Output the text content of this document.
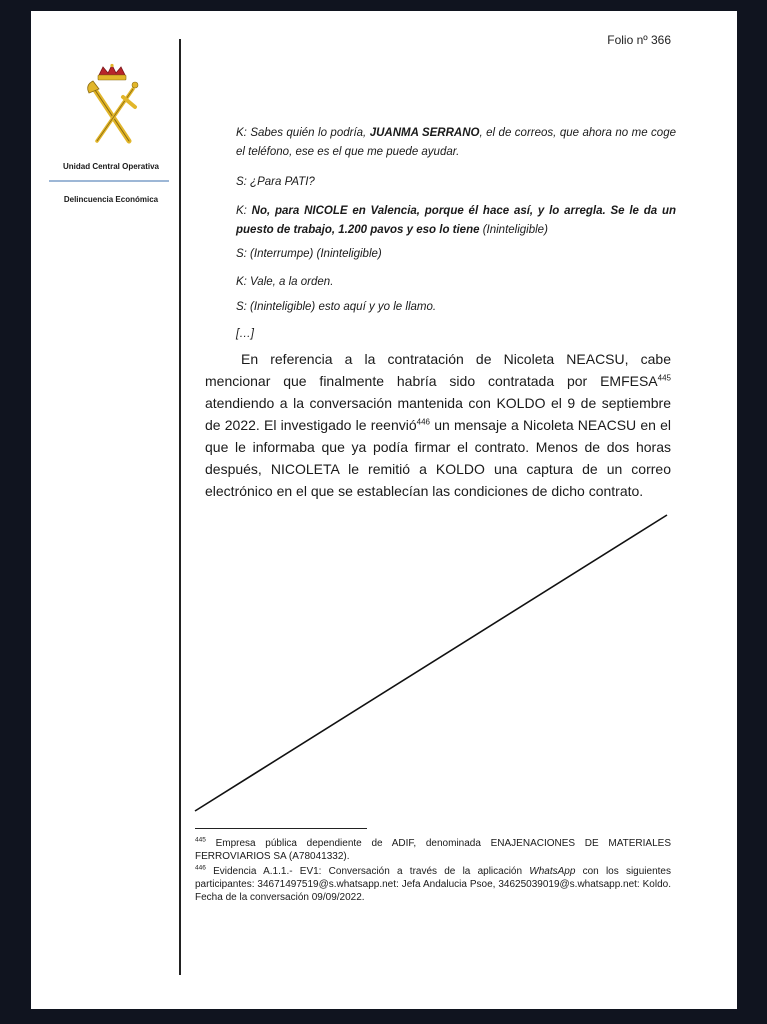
Folio nº 366
Unidad Central Operativa
Delincuencia Económica
K: Sabes quién lo podría, JUANMA SERRANO, el de correos, que ahora no me coge el teléfono, ese es el que me puede ayudar.
S: ¿Para PATI?
K: No, para NICOLE en Valencia, porque él hace así, y lo arregla. Se le da un puesto de trabajo, 1.200 pavos y eso lo tiene (Ininteligible)
S: (Interrumpe) (Ininteligible)
K: Vale, a la orden.
S: (Ininteligible) esto aquí y yo le llamo.
[…]

En referencia a la contratación de Nicoleta NEACSU, cabe mencionar que finalmente habría sido contratada por EMFESA$^{445}$ atendiendo a la conversación mantenida con KOLDO el 9 de septiembre de 2022. El investigado le reenvió$^{446}$ un mensaje a Nicoleta NEACSU en el que le informaba que ya podía firmar el contrato. Menos de dos horas después, NICOLETA le remitió a KOLDO una captura de un correo electrónico en el que se establecían las condiciones de dicho contrato.

$^{445}$ Empresa pública dependiente de ADIF, denominada ENAJENACIONES DE MATERIALES FERROVIARIOS SA (A78041332).

$^{446}$ Evidencia A.1.1.- EV1: Conversación a través de la aplicación WhatsApp con los siguientes participantes: 34671497519@s.whatsapp.net: Jefa Andalucia Psoe, 34625039019@s.whatsapp.net: Koldo. Fecha de la conversación 09/09/2022.
